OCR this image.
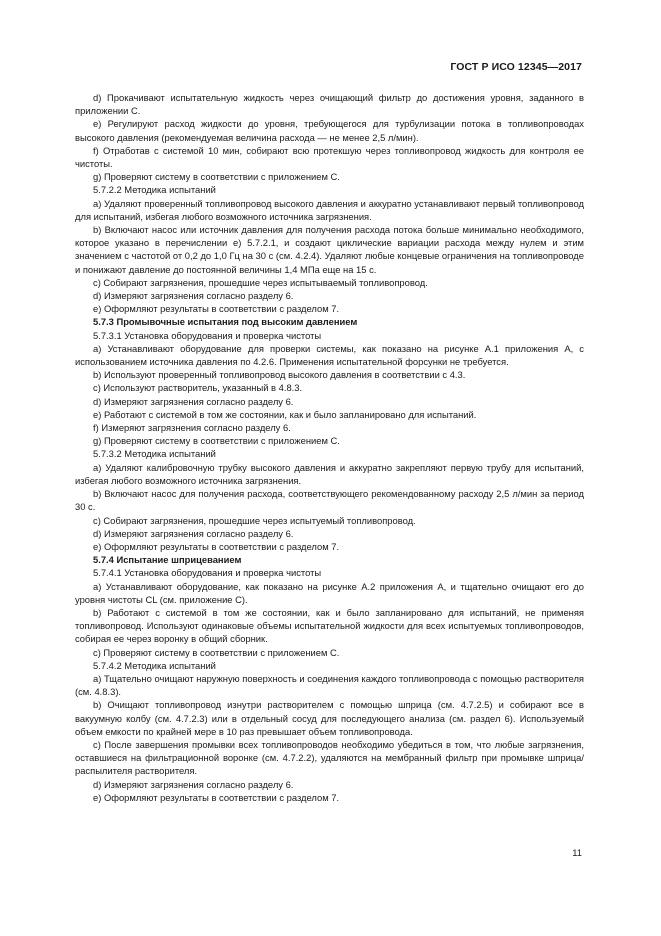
ГОСТ Р ИСО 12345—2017

d) Прокачивают испытательную жидкость через очищающий фильтр до достижения уровня, заданного в приложении С.

e) Регулируют расход жидкости до уровня, требующегося для турбулизации потока в топливопроводах высокого давления (рекомендуемая величина расхода — не менее 2,5 л/мин).

f) Отработав с системой 10 мин, собирают всю протекшую через топливопровод жидкость для контроля ее чистоты.

g) Проверяют систему в соответствии с приложением С.

5.7.2.2 Методика испытаний

a) Удаляют проверенный топливопровод высокого давления и аккуратно устанавливают первый топливопровод для испытаний, избегая любого возможного источника загрязнения.

b) Включают насос или источник давления для получения расхода потока больше минимально необходимого, которое указано в перечислении e) 5.7.2.1, и создают циклические вариации расхода между нулем и этим значением с частотой от 0,2 до 1,0 Гц на 30 с (см. 4.2.4). Удаляют любые концевые ограничения на топливопроводе и понижают давление до постоянной величины 1,4 МПа еще на 15 с.

c) Собирают загрязнения, прошедшие через испытываемый топливопровод.

d) Измеряют загрязнения согласно разделу 6.

e) Оформляют результаты в соответствии с разделом 7.

5.7.3 Промывочные испытания под высоким давлением

5.7.3.1 Установка оборудования и проверка чистоты

a) Устанавливают оборудование для проверки системы, как показано на рисунке А.1 приложения А, с использованием источника давления по 4.2.6. Применения испытательной форсунки не требуется.

b) Используют проверенный топливопровод высокого давления в соответствии с 4.3.

c) Используют растворитель, указанный в 4.8.3.

d) Измеряют загрязнения согласно разделу 6.

e) Работают с системой в том же состоянии, как и было запланировано для испытаний.

f) Измеряют загрязнения согласно разделу 6.

g) Проверяют систему в соответствии с приложением С.

5.7.3.2 Методика испытаний

a) Удаляют калибровочную трубку высокого давления и аккуратно закрепляют первую трубу для испытаний, избегая любого возможного источника загрязнения.

b) Включают насос для получения расхода, соответствующего рекомендованному расходу 2,5 л/мин за период 30 с.

c) Собирают загрязнения, прошедшие через испытуемый топливопровод.

d) Измеряют загрязнения согласно разделу 6.

e) Оформляют результаты в соответствии с разделом 7.

5.7.4 Испытание шприцеванием

5.7.4.1 Установка оборудования и проверка чистоты

a) Устанавливают оборудование, как показано на рисунке А.2 приложения А, и тщательно очищают его до уровня чистоты CL (см. приложение С).

b) Работают с системой в том же состоянии, как и было запланировано для испытаний, не применяя топливопровод. Используют одинаковые объемы испытательной жидкости для всех испытуемых топливопроводов, собирая ее через воронку в общий сборник.

c) Проверяют систему в соответствии с приложением С.

5.7.4.2 Методика испытаний

a) Тщательно очищают наружную поверхность и соединения каждого топливопровода с помощью растворителя (см. 4.8.3).

b) Очищают топливопровод изнутри растворителем с помощью шприца (см. 4.7.2.5) и собирают все в вакуумную колбу (см. 4.7.2.3) или в отдельный сосуд для последующего анализа (см. раздел 6). Используемый объем емкости по крайней мере в 10 раз превышает объем топливопровода.

c) После завершения промывки всех топливопроводов необходимо убедиться в том, что любые загрязнения, оставшиеся на фильтрационной воронке (см. 4.7.2.2), удаляются на мембранный фильтр при промывке шприца/распылителя растворителя.

d) Измеряют загрязнения согласно разделу 6.

e) Оформляют результаты в соответствии с разделом 7.

11
